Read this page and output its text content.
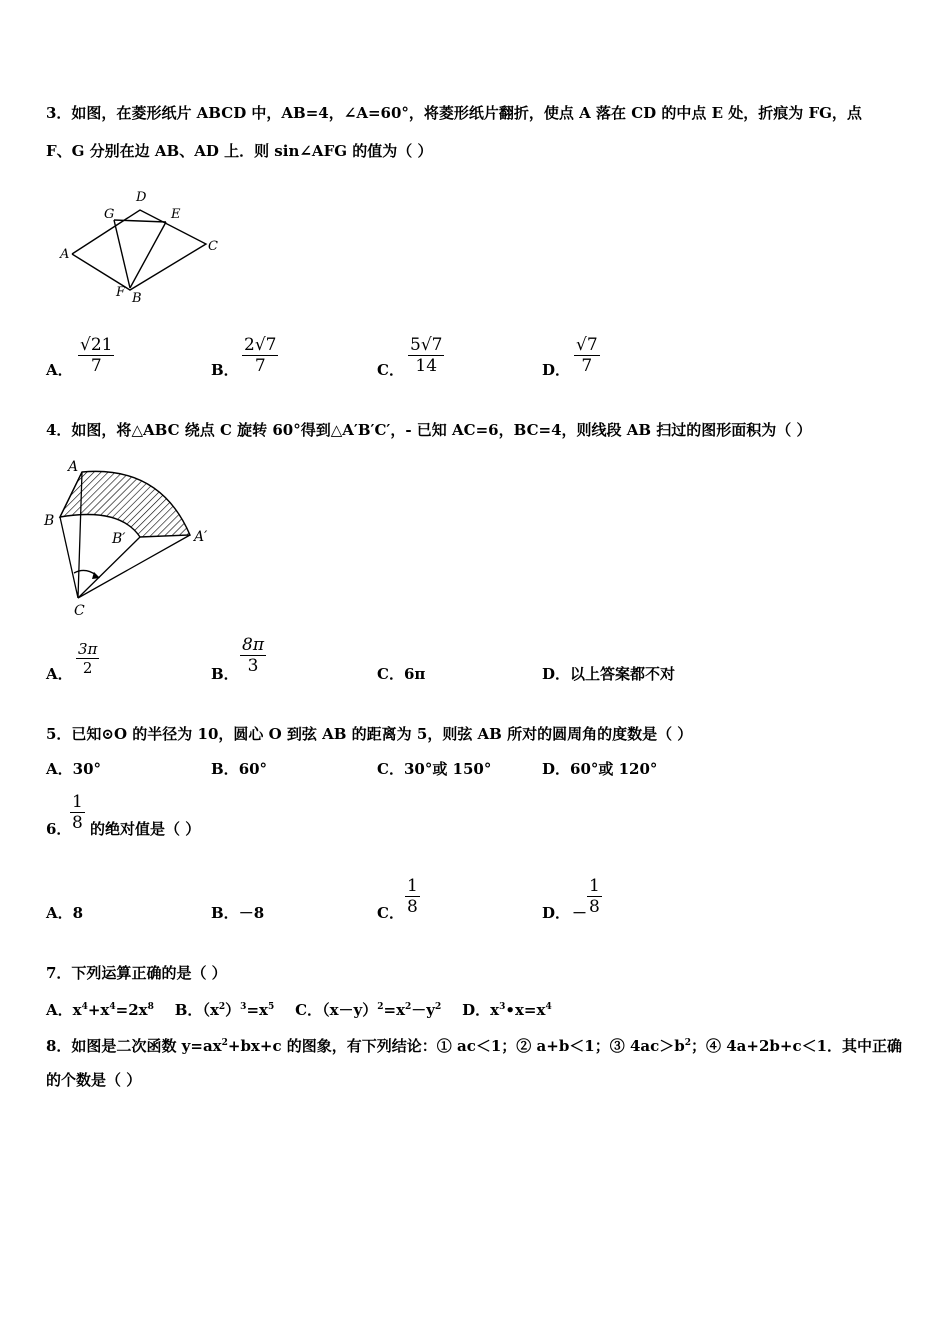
3．如图，在菱形纸片 ABCD 中，AB=4，∠A=60°，将菱形纸片翻折，使点 A 落在 CD 的中点 E 处，折痕为 FG，点
F、G 分别在边 AB、AD 上．则 sin∠AFG 的值为（ ）
A
D
G	E
C
F B
A．
√21
7	B．
2√7
7	C．
5√7
14	D．
√7
7
4．如图，将△ABC 绕点 C 旋转 60°得到△A′B′C′，- 已知 AC=6，BC=4，则线段 AB 扫过的图形面积为（ ）
A
B
B′	A′
C
A．
3π
2	B．
8π
3	C．6π	D．以上答案都不对
5．已知⊙O 的半径为 10，圆心 O 到弦 AB 的距离为 5，则弦 AB 所对的圆周角的度数是（ ）
A．30°	B．60°	C．30°或 150°	D．60°或 120°
6．
1
8 的绝对值是（ ）
A．8	B．－8	C．
1
8	D． －
1
8
7．下列运算正确的是（ ）
A．$x^4+x^4=2x^8$ B．$(x^2)^3=x^5$ C．$(x-y)^2=x^2-y^2$ D．$x^3•x=x^4$
8．如图是二次函数 $y=ax^2+bx+c$ 的图象，有下列结论：① ac＜1；② a+b＜1；③ $4ac>b^2$；④ 4a+2b+c＜1．其中正确
的个数是（ ）
